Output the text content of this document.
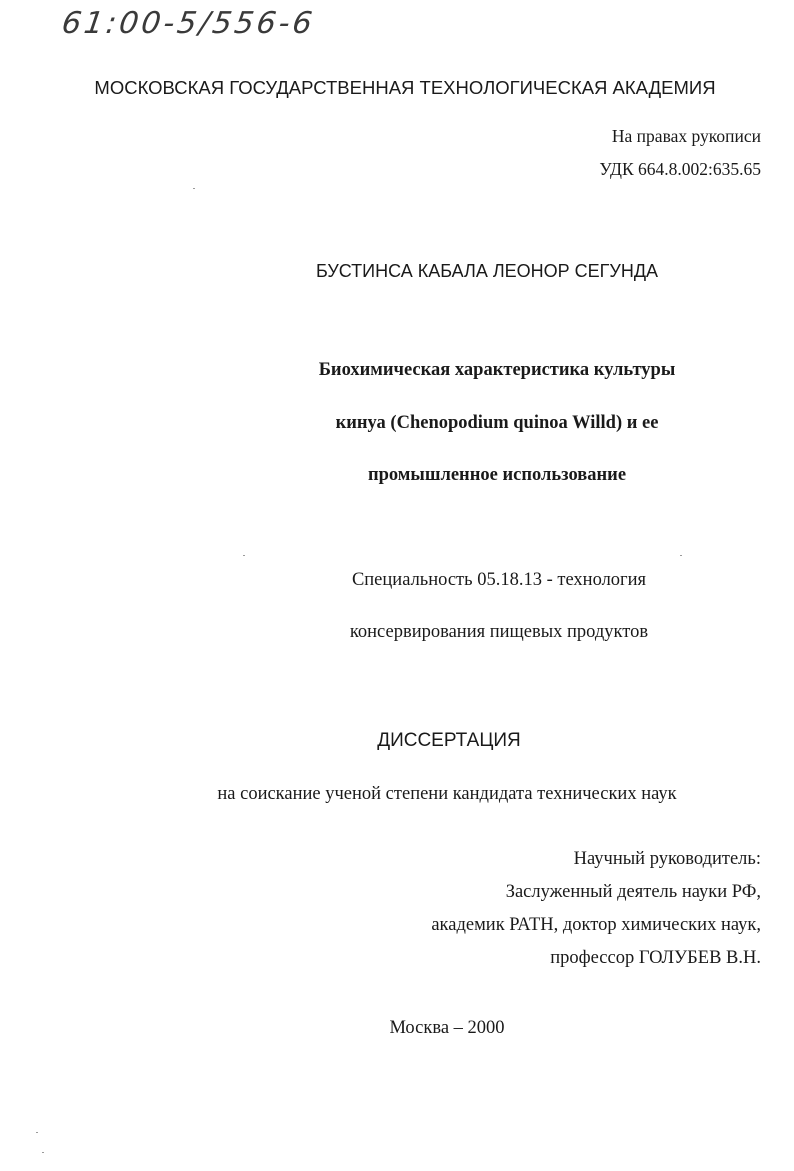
61:00-5/556-6
МОСКОВСКАЯ ГОСУДАРСТВЕННАЯ ТЕХНОЛОГИЧЕСКАЯ АКАДЕМИЯ
На правах рукописи
УДК 664.8.002:635.65
БУСТИНСА КАБАЛА ЛЕОНОР СЕГУНДА
Биохимическая характеристика культуры
кинуа (Chenopodium quinoa Willd) и ее
промышленное использование
Специальность 05.18.13 - технология
консервирования пищевых продуктов
ДИССЕРТАЦИЯ
на соискание ученой степени кандидата технических наук
Научный руководитель:
Заслуженный деятель науки РФ,
академик РАТН, доктор химических наук,
профессор ГОЛУБЕВ В.Н.
Москва – 2000
